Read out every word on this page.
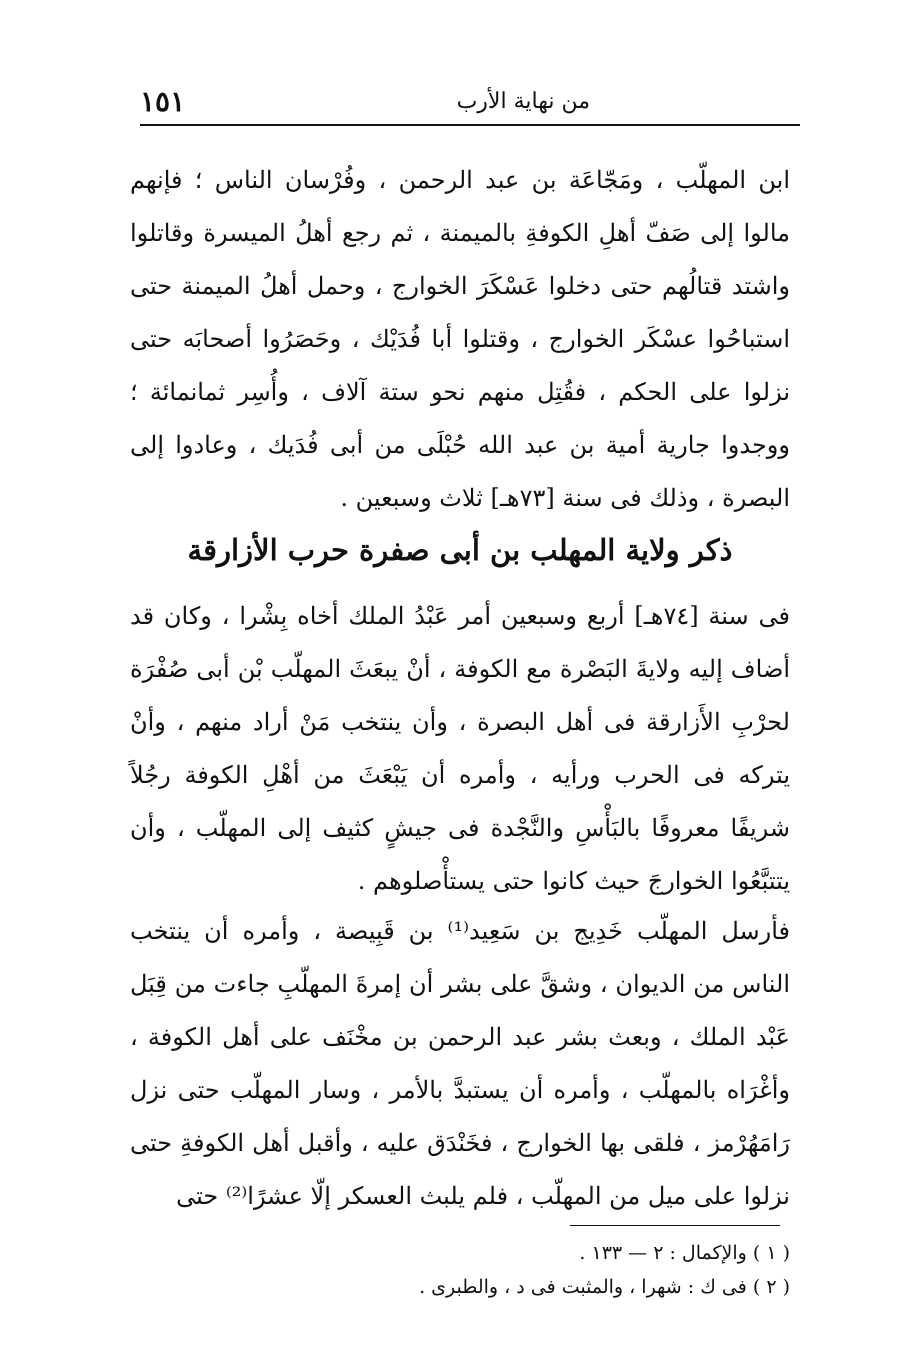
١٥١	من نهاية الأرب

ابن المهلّب ، ومَجّاعَة بن عبد الرحمن ، وفُرْسان الناس ؛ فإنهم مالوا إلى صَفّ أهلِ الكوفةِ بالميمنة ، ثم رجع أهلُ الميسرة وقاتلوا واشتد قتالُهم حتى دخلوا عَسْكَرَ الخوارج ، وحمل أهلُ الميمنة حتى استباحُوا عسْكَر الخوارج ، وقتلوا أبا فُدَيْك ، وحَصَرُوا أصحابَه حتى نزلوا على الحكم ، فقُتِل منهم نحو ستة آلاف ، وأُسِر ثمانمائة ؛ ووجدوا جارية أمية بن عبد الله حُبْلَى من أبى فُدَيك ، وعادوا إلى البصرة ، وذلك فى سنة [٧٣هـ] ثلاث وسبعين .

ذكر ولاية المهلب بن أبى صفرة حرب الأزارقة

فى سنة [٧٤هـ] أربع وسبعين أمر عَبْدُ الملك أخاه بِشْرا ، وكان قد أضاف إليه ولايةَ البَصْرة مع الكوفة ، أنْ يبعَثَ المهلّب بْن أبى صُفْرَة لحرْبِ الأَزارقة فى أهل البصرة ، وأن ينتخب مَنْ أراد منهم ، وأنْ يتركه فى الحرب ورأيه ، وأمره أن يَبْعَثَ من أهْلِ الكوفة رجُلاً شريفًا معروفًا بالبَأْسِ والنَّجْدة فى جيشٍ كثيف إلى المهلّب ، وأن يتتبَّعُوا الخوارجَ حيث كانوا حتى يستأْصلوهم .

فأرسل المهلّب خَدِيج بن سَعِيد⁽¹⁾ بن قَبِيصة ، وأمره أن ينتخب الناس من الديوان ، وشقَّ على بشر أن إمرةَ المهلّبِ جاءت من قِبَل عَبْد الملك ، وبعث بشر عبد الرحمن بن مخْنَف على أهل الكوفة ، وأغْرَاه بالمهلّب ، وأمره أن يستبدَّ بالأمر ، وسار المهلّب حتى نزل رَامَهُرْمز ، فلقى بها الخوارج ، فخَنْدَق عليه ، وأقبل أهل الكوفةِ حتى نزلوا على ميل من المهلّب ، فلم يلبث العسكر إلّا عشرًا⁽²⁾ حتى

( ١ ) والإكمال : ٢ — ١٣٣ .

( ٢ ) فى ك : شهرا ، والمثبت فى د ، والطبرى .
